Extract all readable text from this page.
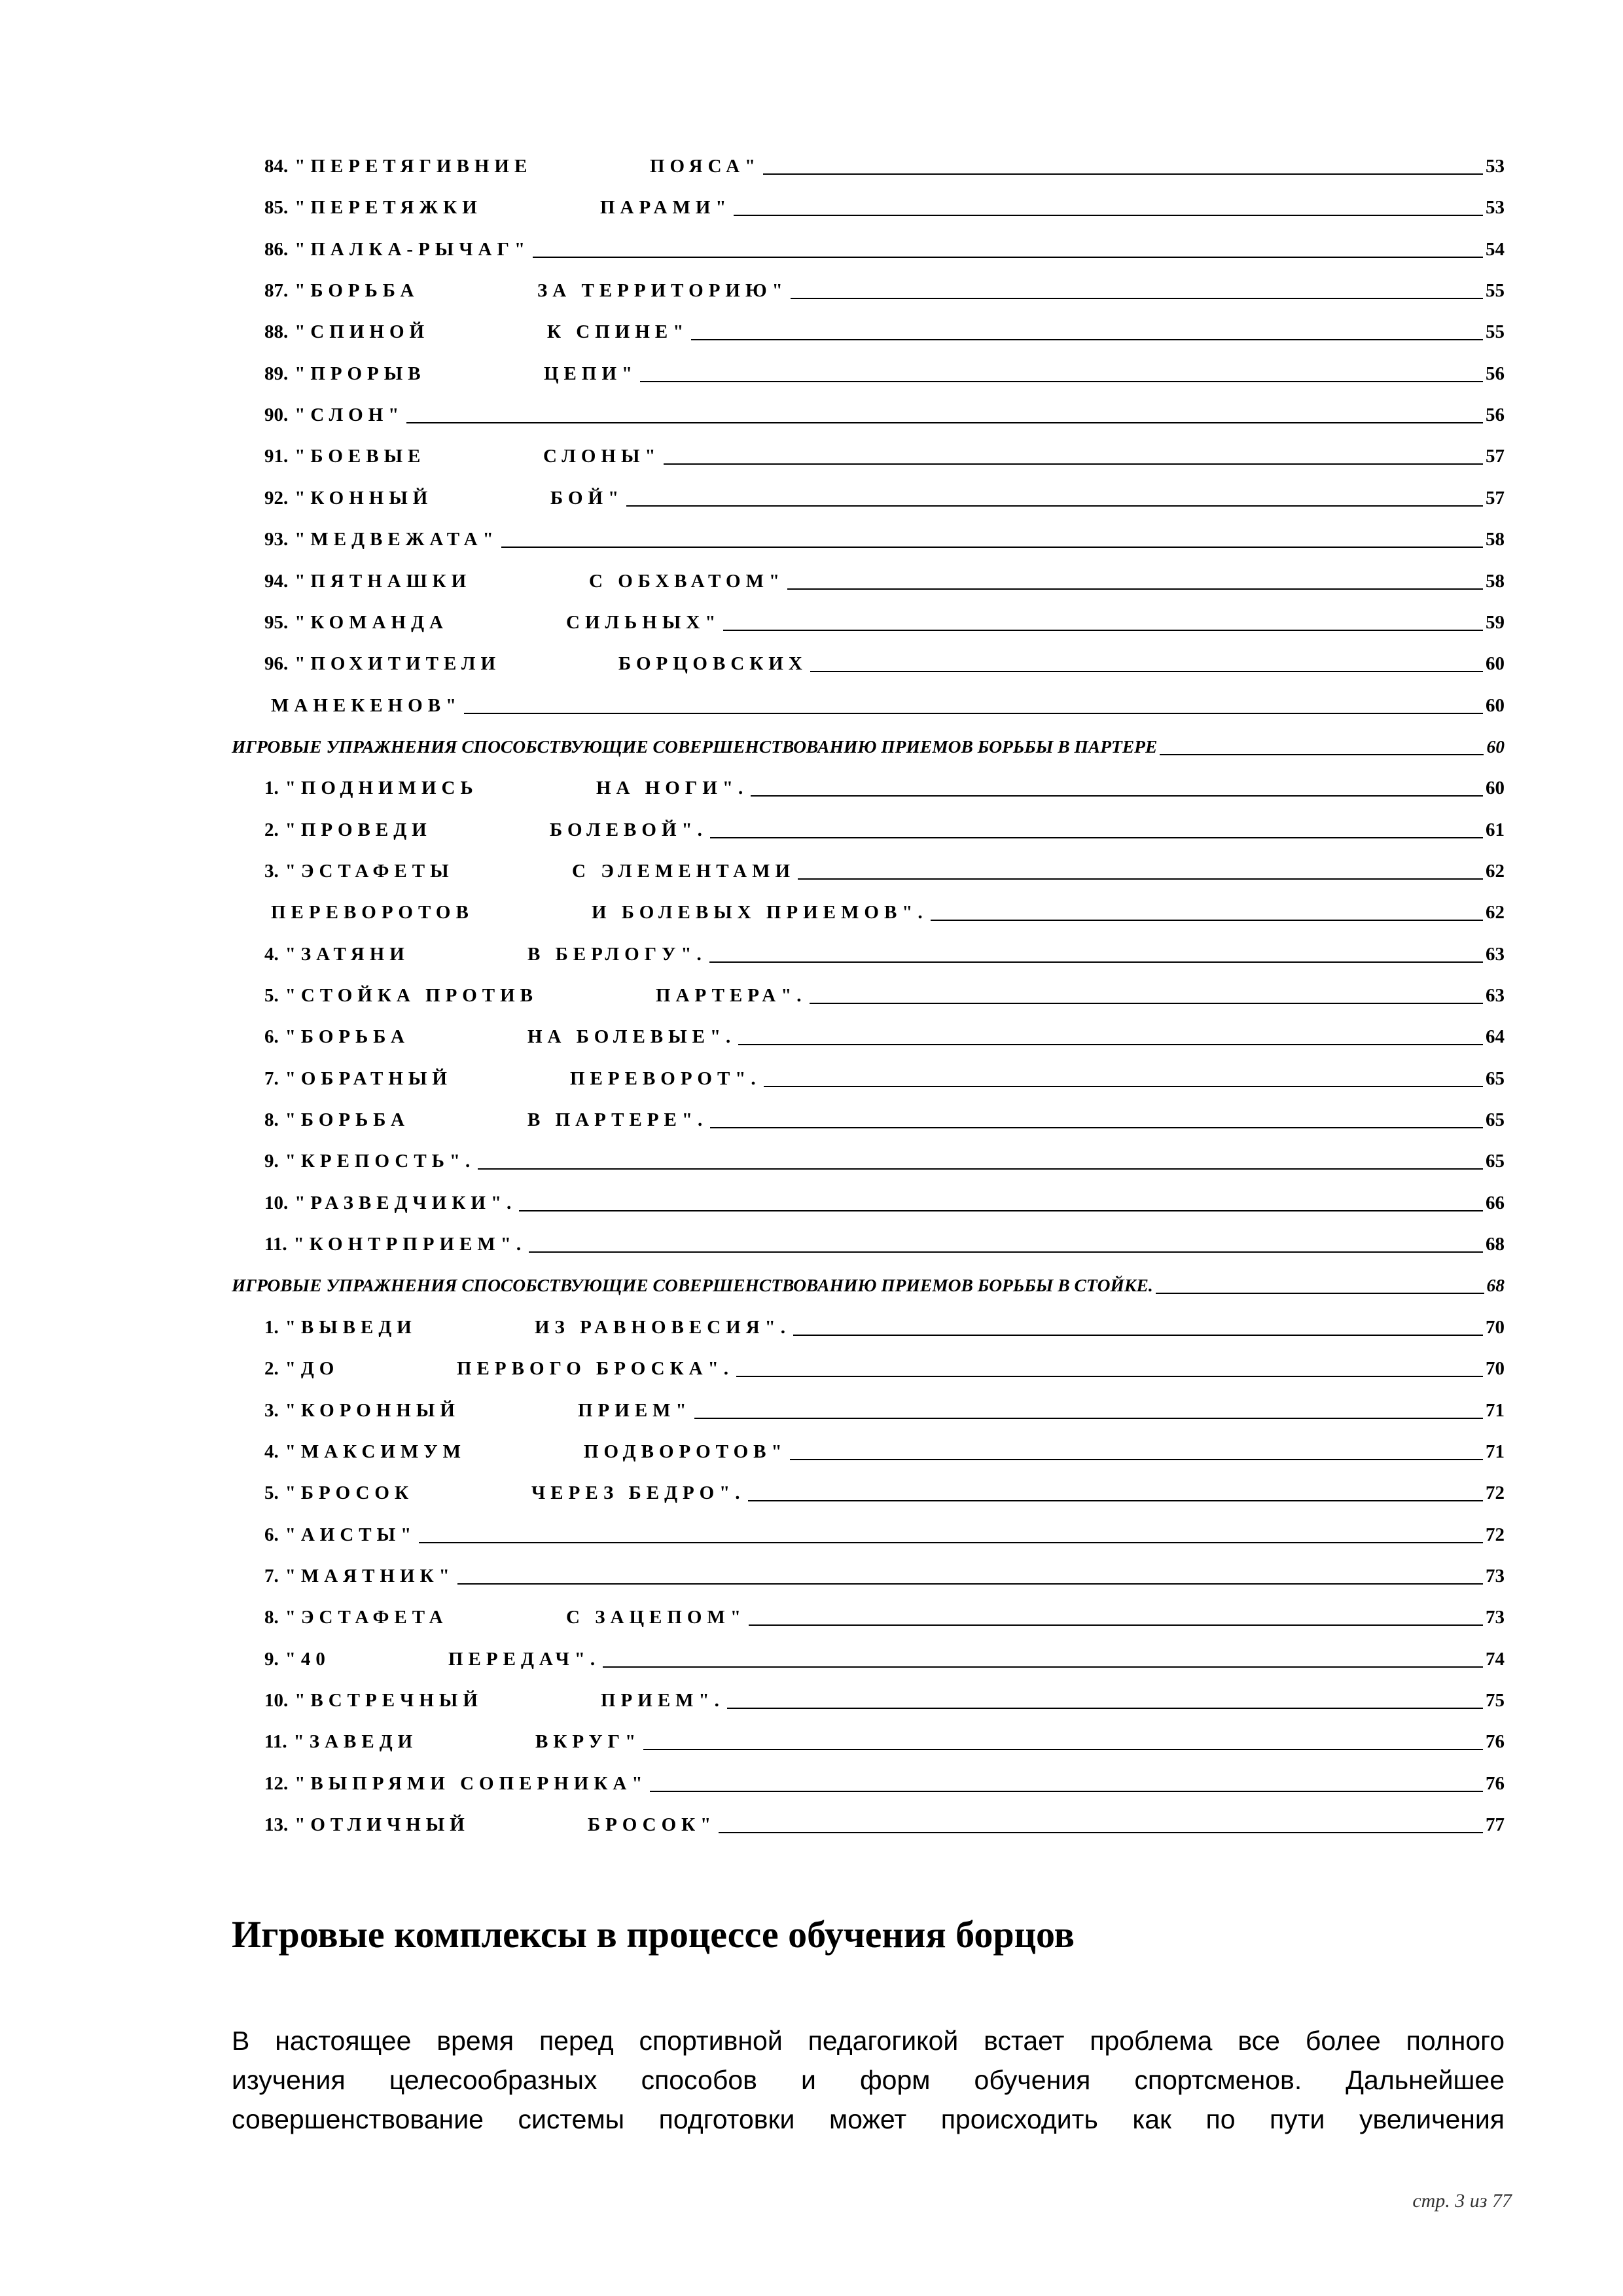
84. "ПЕРЕТЯГИВНИЕ	ПОЯСА"	53
85. "ПЕРЕТЯЖКИ	ПАРАМИ"	53
86. "ПАЛКА-РЫЧАГ"	54
87. "БОРЬБА	ЗА ТЕРРИТОРИЮ"	55
88. "СПИНОЙ	К СПИНЕ"	55
89. "ПРОРЫВ	ЦЕПИ"	56
90. "СЛОН"	56
91. "БОЕВЫЕ	СЛОНЫ"	57
92. "КОННЫЙ	БОЙ"	57
93. "МЕДВЕЖАТА"	58
94. "ПЯТНАШКИ	С ОБХВАТОМ"	58
95. "КОМАНДА	СИЛЬНЫХ"	59
96. "ПОХИТИТЕЛИ	БОРЦОВСКИХ	60
МАНЕКЕНОВ"	60
ИГРОВЫЕ УПРАЖНЕНИЯ СПОСОБСТВУЮЩИЕ СОВЕРШЕНСТВОВАНИЮ ПРИЕМОВ БОРЬБЫ В ПАРТЕРЕ	60
1. "ПОДНИМИСЬ	НА НОГИ".	60
2. "ПРОВЕДИ	БОЛЕВОЙ".	61
3. "ЭСТАФЕТЫ	С ЭЛЕМЕНТАМИ	62
ПЕРЕВОРОТОВ	И БОЛЕВЫХ ПРИЕМОВ".	62
4. "ЗАТЯНИ	В БЕРЛОГУ".	63
5. "СТОЙКА ПРОТИВ	ПАРТЕРА".	63
6. "БОРЬБА	НА БОЛЕВЫЕ".	64
7. "ОБРАТНЫЙ	ПЕРЕВОРОТ".	65
8. "БОРЬБА	В ПАРТЕРЕ".	65
9. "КРЕПОСТЬ".	65
10. "РАЗВЕДЧИКИ".	66
11. "КОНТРПРИЕМ".	68
ИГРОВЫЕ УПРАЖНЕНИЯ СПОСОБСТВУЮЩИЕ СОВЕРШЕНСТВОВАНИЮ ПРИЕМОВ БОРЬБЫ В СТОЙКЕ.	68
1. "ВЫВЕДИ	ИЗ РАВНОВЕСИЯ".	70
2. "ДО	ПЕРВОГО БРОСКА".	70
3. "КОРОННЫЙ	ПРИЕМ"	71
4. "МАКСИМУМ	ПОДВОРОТОВ"	71
5. "БРОСОК	ЧЕРЕЗ БЕДРО".	72
6. "АИСТЫ"	72
7. "МАЯТНИК"	73
8. "ЭСТАФЕТА	С ЗАЦЕПОМ"	73
9. "40	ПЕРЕДАЧ".	74
10. "ВСТРЕЧНЫЙ	ПРИЕМ".	75
11. "ЗАВЕДИ	ВКРУГ"	76
12. "ВЫПРЯМИ СОПЕРНИКА"	76
13. "ОТЛИЧНЫЙ	БРОСОК"	77
Игровые комплексы в процессе обучения борцов
В настоящее время перед спортивной педагогикой встает проблема все более полного
изучения целесообразных способов и форм обучения спортсменов. Дальнейшее
совершенствование системы подготовки может происходить как по пути увеличения
стр. 3 из 77
